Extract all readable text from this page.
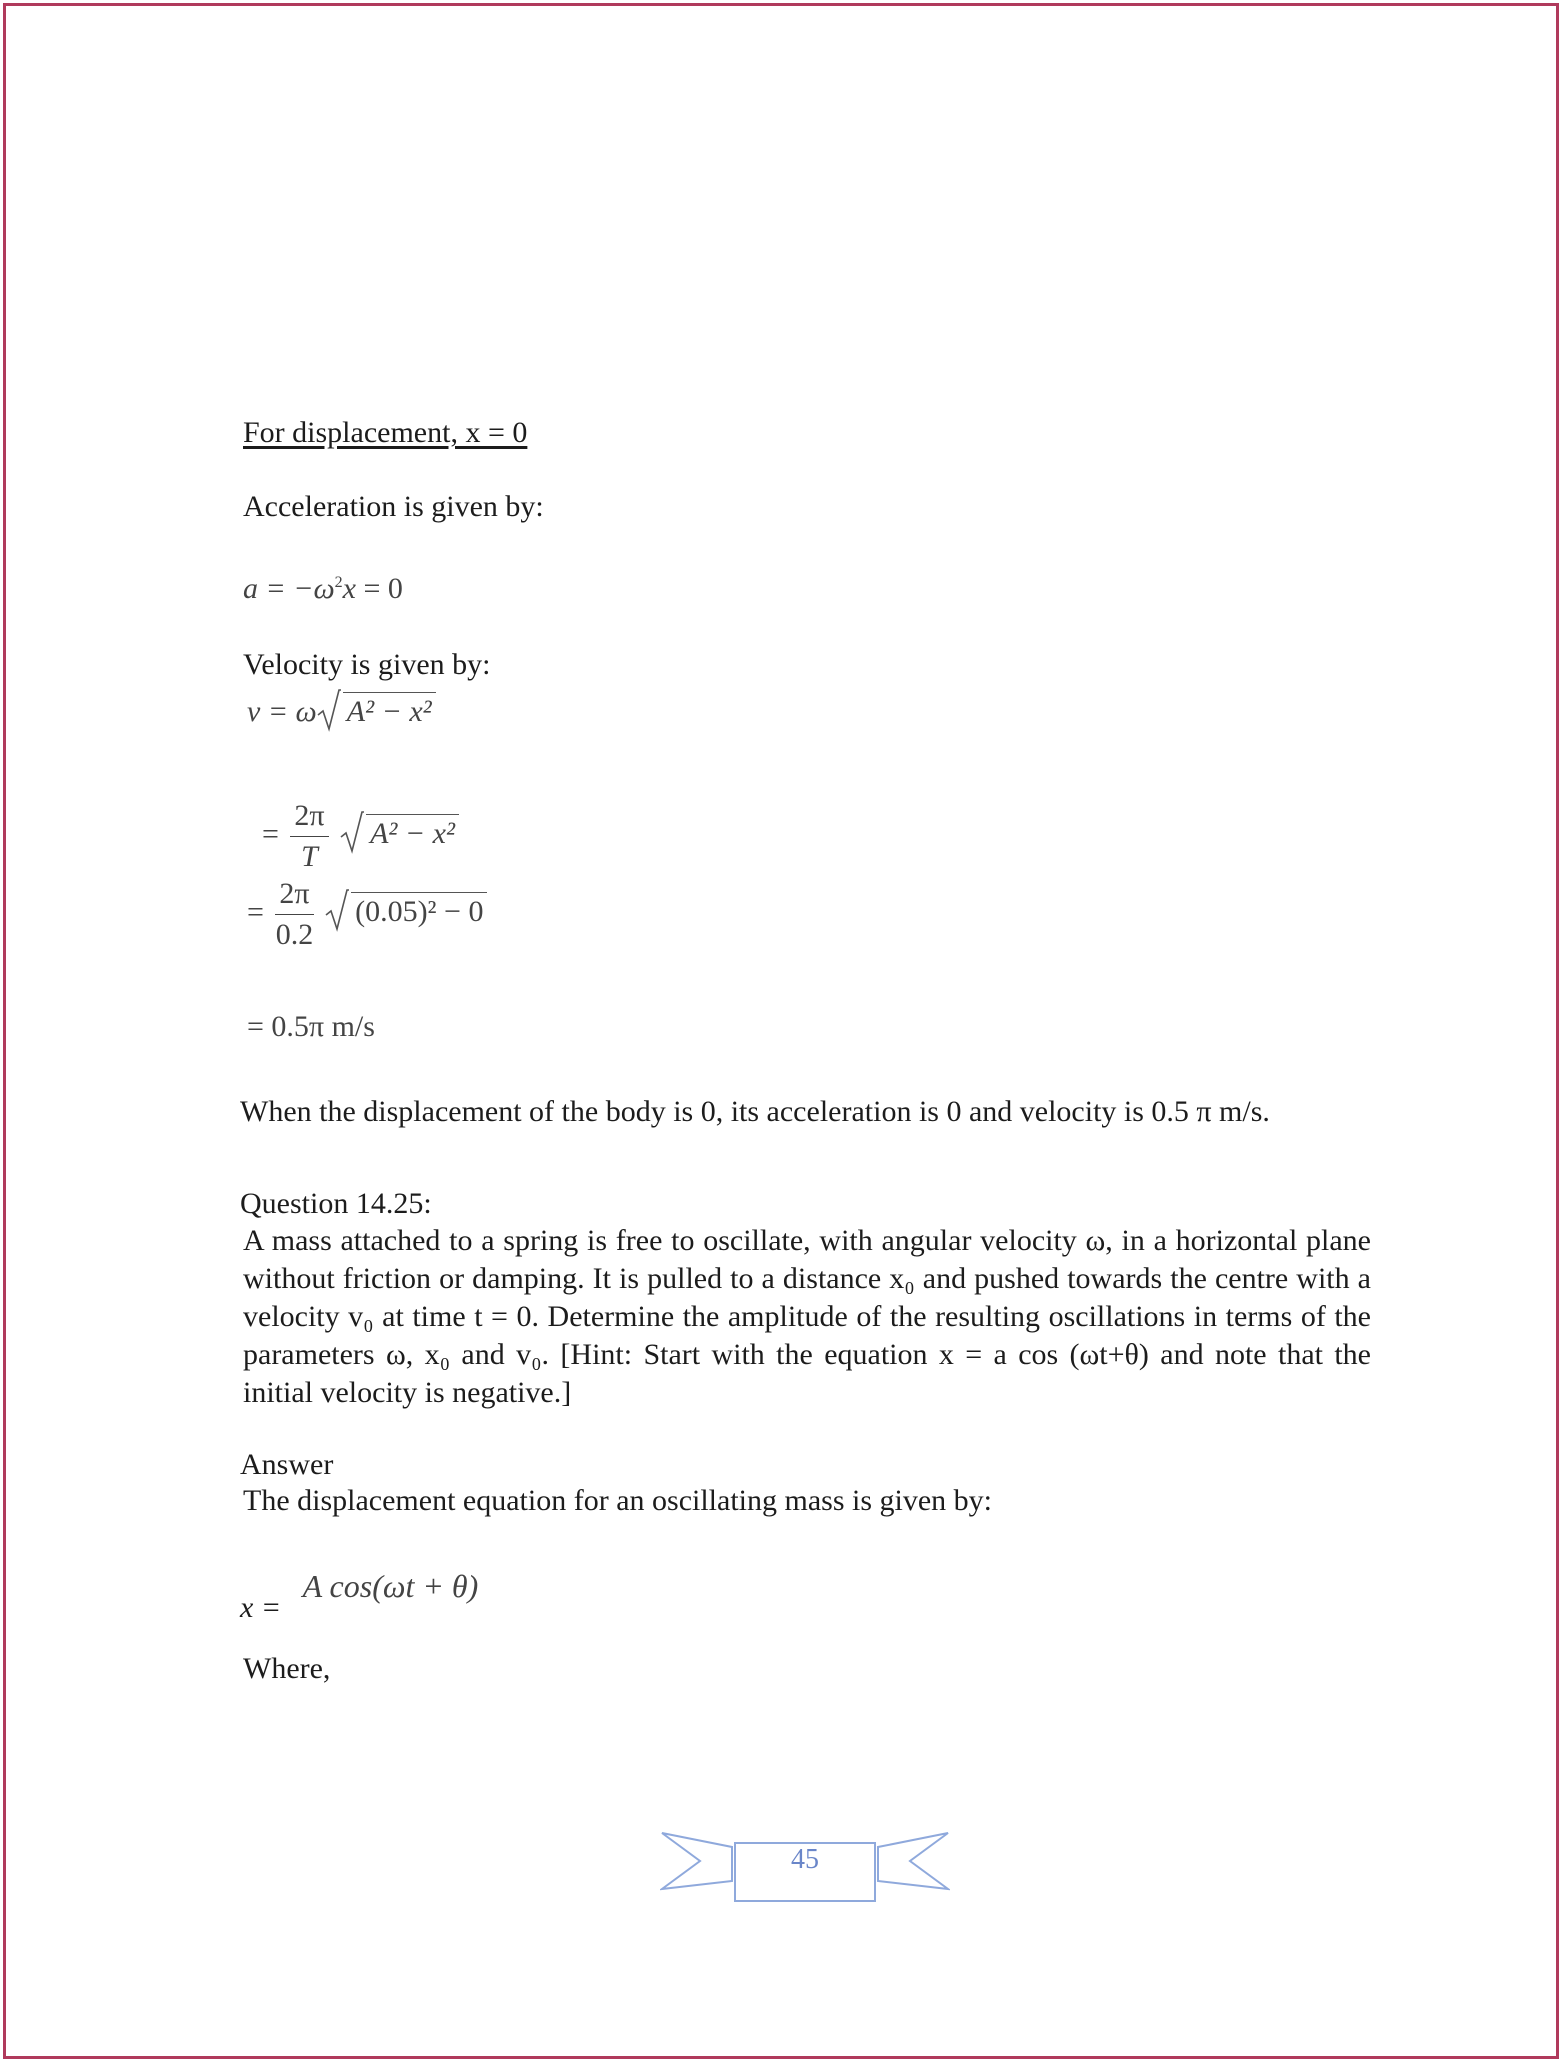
For displacement, x = 0
Acceleration is given by:
$a = -\omega^2x = 0$
Velocity is given by:
v = ω A² − x²
= $\frac{2\pi}{T}$
A² − x²
= $\frac{2\pi}{0.2}$
(0.05)² − 0
= 0.5π m/s
When the displacement of the body is 0, its acceleration is 0 and velocity is 0.5 π m/s.
Question 14.25:
A mass attached to a spring is free to oscillate, with angular velocity ω, in a horizontal plane without friction or damping. It is pulled to a distance x₀ and pushed towards the centre with a velocity v₀ at time t = 0. Determine the amplitude of the resulting oscillations in terms of the parameters ω, x₀ and v₀. [Hint: Start with the equation x = a cos (ωt+θ) and note that the initial velocity is negative.]
Answer
The displacement equation for an oscillating mass is given by:
x = A cos(ωt + θ)
Where,
45
